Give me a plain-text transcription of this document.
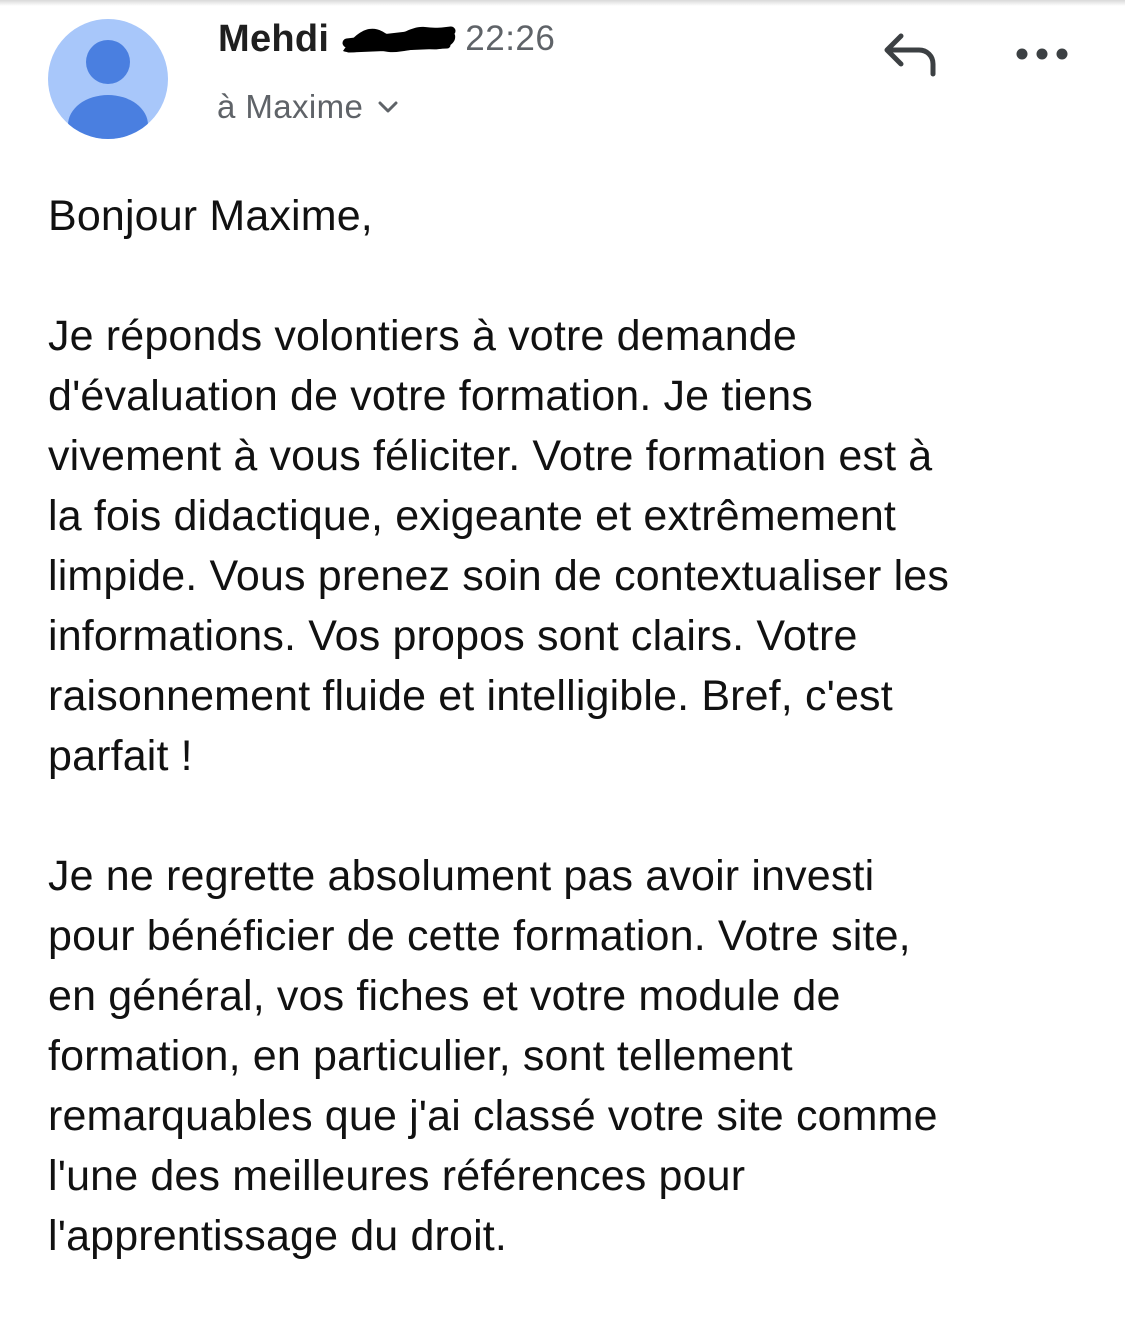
Mehdi	22:26
à Maxime

Bonjour Maxime,

Je réponds volontiers à votre demande
d'évaluation de votre formation. Je tiens
vivement à vous féliciter. Votre formation est à
la fois didactique, exigeante et extrêmement
limpide. Vous prenez soin de contextualiser les
informations. Vos propos sont clairs. Votre
raisonnement fluide et intelligible. Bref, c'est
parfait !

Je ne regrette absolument pas avoir investi
pour bénéficier de cette formation. Votre site,
en général, vos fiches et votre module de
formation, en particulier, sont tellement
remarquables que j'ai classé votre site comme
l'une des meilleures références pour
l'apprentissage du droit.
